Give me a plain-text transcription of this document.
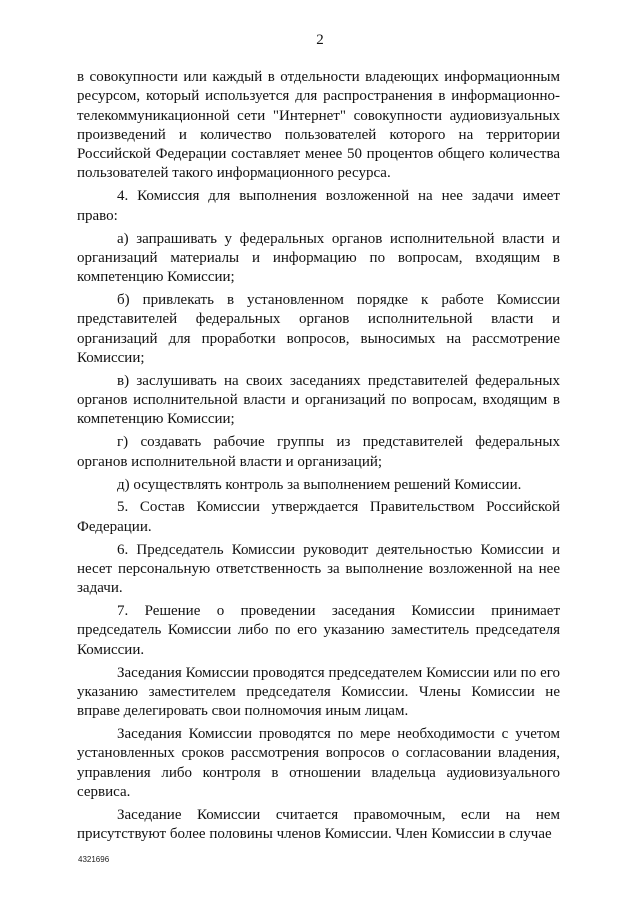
2

в совокупности или каждый в отдельности владеющих информационным ресурсом, который используется для распространения в информационно-телекоммуникационной сети "Интернет" совокупности аудиовизуальных произведений и количество пользователей которого на территории Российской Федерации составляет менее 50 процентов общего количества пользователей такого информационного ресурса.

4. Комиссия для выполнения возложенной на нее задачи имеет право:

а) запрашивать у федеральных органов исполнительной власти и организаций материалы и информацию по вопросам, входящим в компетенцию Комиссии;

б) привлекать в установленном порядке к работе Комиссии представителей федеральных органов исполнительной власти и организаций для проработки вопросов, выносимых на рассмотрение Комиссии;

в) заслушивать на своих заседаниях представителей федеральных органов исполнительной власти и организаций по вопросам, входящим в компетенцию Комиссии;

г) создавать рабочие группы из представителей федеральных органов исполнительной власти и организаций;

д) осуществлять контроль за выполнением решений Комиссии.

5. Состав Комиссии утверждается Правительством Российской Федерации.

6. Председатель Комиссии руководит деятельностью Комиссии и несет персональную ответственность за выполнение возложенной на нее задачи.

7. Решение о проведении заседания Комиссии принимает председатель Комиссии либо по его указанию заместитель председателя Комиссии.

Заседания Комиссии проводятся председателем Комиссии или по его указанию заместителем председателя Комиссии. Члены Комиссии не вправе делегировать свои полномочия иным лицам.

Заседания Комиссии проводятся по мере необходимости с учетом установленных сроков рассмотрения вопросов о согласовании владения, управления либо контроля в отношении владельца аудиовизуального сервиса.

Заседание Комиссии считается правомочным, если на нем присутствуют более половины членов Комиссии. Член Комиссии в случае

4321696
